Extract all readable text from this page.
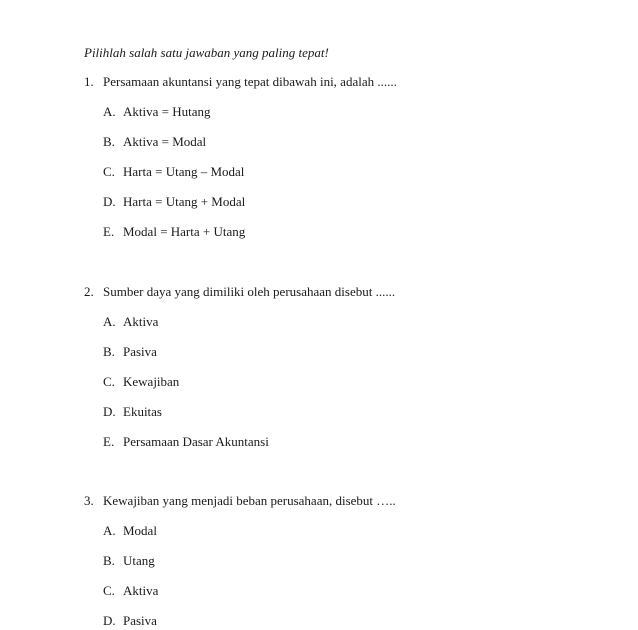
Pilihlah salah satu jawaban yang paling tepat!
1. Persamaan akuntansi yang tepat dibawah ini, adalah ......
A. Aktiva = Hutang
B. Aktiva = Modal
C. Harta = Utang – Modal
D. Harta = Utang + Modal
E. Modal = Harta + Utang
2. Sumber daya yang dimiliki oleh perusahaan disebut ......
A. Aktiva
B. Pasiva
C. Kewajiban
D. Ekuitas
E. Persamaan Dasar Akuntansi
3. Kewajiban yang menjadi beban perusahaan, disebut …..
A. Modal
B. Utang
C. Aktiva
D. Pasiva
